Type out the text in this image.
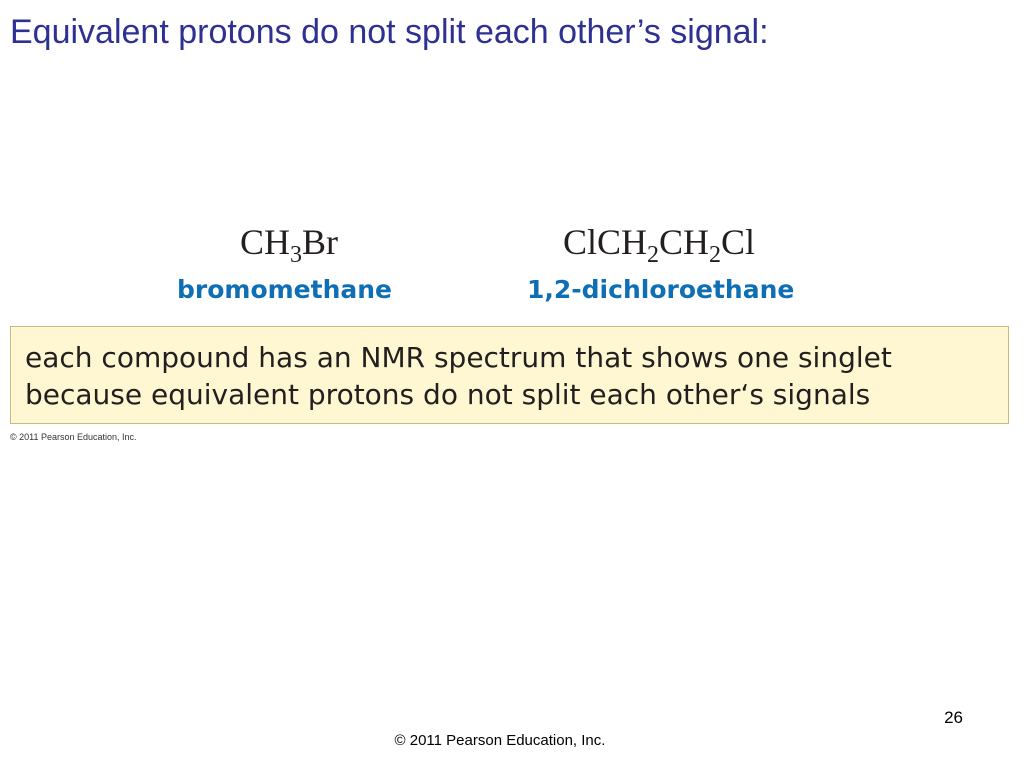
Equivalent protons do not split each other’s signal:
$CH_3Br$	$ClCH_2CH_2Cl$
bromomethane	1,2-dichloroethane
each compound has an NMR spectrum that shows one singlet
because equivalent protons do not split each other‘s signals
© 2011 Pearson Education, Inc.
26
© 2011 Pearson Education, Inc.
